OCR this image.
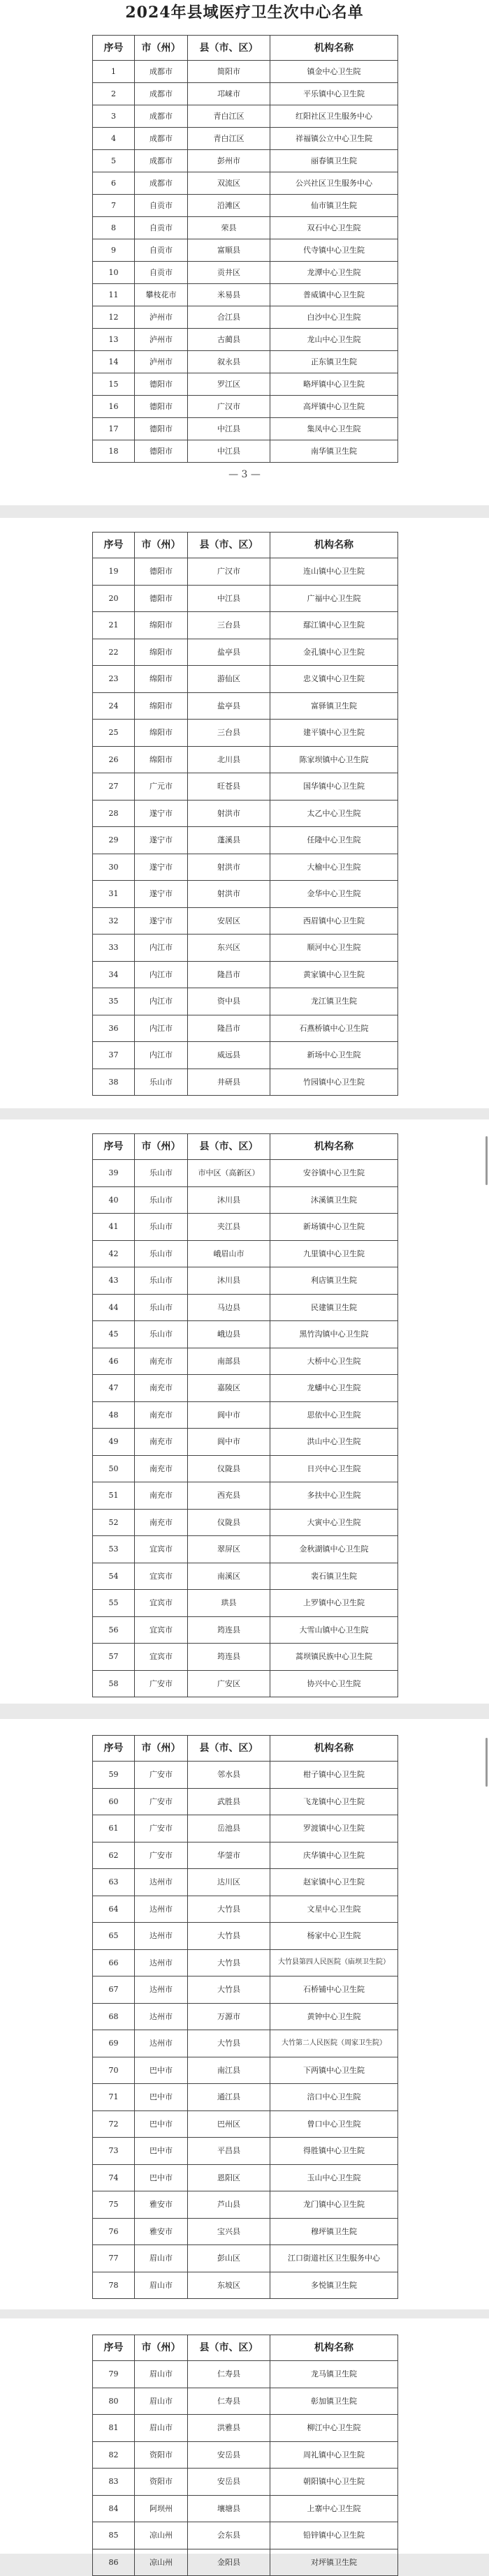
2024年县域医疗卫生次中心名单
— 3 —
序号	市（州）	县（市、区）	机构名称
1	成都市	简阳市	镇金中心卫生院
2	成都市	邛崃市	平乐镇中心卫生院
3	成都市	青白江区	红阳社区卫生服务中心
4	成都市	青白江区	祥福镇公立中心卫生院
5	成都市	彭州市	丽春镇卫生院
6	成都市	双流区	公兴社区卫生服务中心
7	自贡市	沿滩区	仙市镇卫生院
8	自贡市	荣县	双石中心卫生院
9	自贡市	富顺县	代寺镇中心卫生院
10	自贡市	贡井区	龙潭中心卫生院
11	攀枝花市	米易县	普威镇中心卫生院
12	泸州市	合江县	白沙中心卫生院
13	泸州市	古蔺县	龙山中心卫生院
14	泸州市	叙永县	正东镇卫生院
15	德阳市	罗江区	略坪镇中心卫生院
16	德阳市	广汉市	高坪镇中心卫生院
17	德阳市	中江县	集凤中心卫生院
18	德阳市	中江县	南华镇卫生院
序号	市（州）	县（市、区）	机构名称
19	德阳市	广汉市	连山镇中心卫生院
20	德阳市	中江县	广福中心卫生院
21	绵阳市	三台县	鄢江镇中心卫生院
22	绵阳市	盐亭县	金孔镇中心卫生院
23	绵阳市	游仙区	忠义镇中心卫生院
24	绵阳市	盐亭县	富驿镇卫生院
25	绵阳市	三台县	建平镇中心卫生院
26	绵阳市	北川县	陈家坝镇中心卫生院
27	广元市	旺苍县	国华镇中心卫生院
28	遂宁市	射洪市	太乙中心卫生院
29	遂宁市	蓬溪县	任隆中心卫生院
30	遂宁市	射洪市	大榆中心卫生院
31	遂宁市	射洪市	金华中心卫生院
32	遂宁市	安居区	西眉镇中心卫生院
33	内江市	东兴区	顺河中心卫生院
34	内江市	隆昌市	黄家镇中心卫生院
35	内江市	资中县	龙江镇卫生院
36	内江市	隆昌市	石燕桥镇中心卫生院
37	内江市	威远县	新场中心卫生院
38	乐山市	井研县	竹园镇中心卫生院
序号	市（州）	县（市、区）	机构名称
39	乐山市	市中区（高新区）	安谷镇中心卫生院
40	乐山市	沐川县	沐溪镇卫生院
41	乐山市	夹江县	新场镇中心卫生院
42	乐山市	峨眉山市	九里镇中心卫生院
43	乐山市	沐川县	利店镇卫生院
44	乐山市	马边县	民建镇卫生院
45	乐山市	峨边县	黑竹沟镇中心卫生院
46	南充市	南部县	大桥中心卫生院
47	南充市	嘉陵区	龙蟠中心卫生院
48	南充市	阆中市	思依中心卫生院
49	南充市	阆中市	洪山中心卫生院
50	南充市	仪陇县	日兴中心卫生院
51	南充市	西充县	多扶中心卫生院
52	南充市	仪陇县	大寅中心卫生院
53	宜宾市	翠屏区	金秋湖镇中心卫生院
54	宜宾市	南溪区	裴石镇卫生院
55	宜宾市	珙县	上罗镇中心卫生院
56	宜宾市	筠连县	大雪山镇中心卫生院
57	宜宾市	筠连县	蒿坝镇民族中心卫生院
58	广安市	广安区	协兴中心卫生院
序号	市（州）	县（市、区）	机构名称
59	广安市	邻水县	柑子镇中心卫生院
60	广安市	武胜县	飞龙镇中心卫生院
61	广安市	岳池县	罗渡镇中心卫生院
62	广安市	华蓥市	庆华镇中心卫生院
63	达州市	达川区	赵家镇中心卫生院
64	达州市	大竹县	文星中心卫生院
65	达州市	大竹县	杨家中心卫生院
66	达州市	大竹县	大竹县第四人民医院（庙坝卫生院）
67	达州市	大竹县	石桥铺中心卫生院
68	达州市	万源市	黄钟中心卫生院
69	达州市	大竹县	大竹第二人民医院（周家卫生院）
70	巴中市	南江县	下两镇中心卫生院
71	巴中市	通江县	涪口中心卫生院
72	巴中市	巴州区	曾口中心卫生院
73	巴中市	平昌县	得胜镇中心卫生院
74	巴中市	恩阳区	玉山中心卫生院
75	雅安市	芦山县	龙门镇中心卫生院
76	雅安市	宝兴县	穆坪镇卫生院
77	眉山市	彭山区	江口街道社区卫生服务中心
78	眉山市	东坡区	多悦镇卫生院
序号	市（州）	县（市、区）	机构名称
79	眉山市	仁寿县	龙马镇卫生院
80	眉山市	仁寿县	彰加镇卫生院
81	眉山市	洪雅县	柳江中心卫生院
82	资阳市	安岳县	周礼镇中心卫生院
83	资阳市	安岳县	朝阳镇中心卫生院
84	阿坝州	壤塘县	上寨中心卫生院
85	凉山州	会东县	铅锌镇中心卫生院
86	凉山州	金阳县	对坪镇卫生院
